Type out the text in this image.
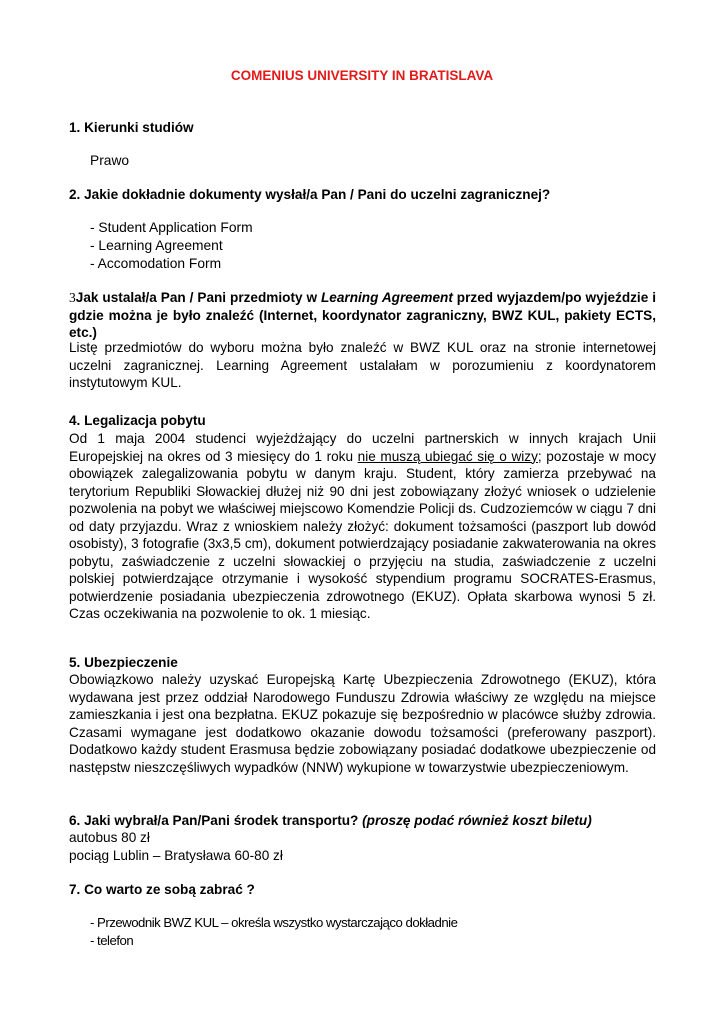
COMENIUS UNIVERSITY IN BRATISLAVA
1. Kierunki studiów
Prawo
2. Jakie dokładnie dokumenty wysłał/a Pan / Pani do uczelni zagranicznej?
- Student Application Form
- Learning Agreement
- Accomodation Form
3Jak ustalał/a Pan / Pani przedmioty w Learning Agreement przed wyjazdem/po wyjeździe i gdzie można je było znaleźć (Internet, koordynator zagraniczny, BWZ KUL, pakiety ECTS, etc.)
Listę przedmiotów do wyboru można było znaleźć w BWZ KUL oraz na stronie internetowej uczelni zagranicznej. Learning Agreement ustalałam w porozumieniu z koordynatorem instytutowym KUL.
4. Legalizacja pobytu
Od 1 maja 2004 studenci wyjeżdżający do uczelni partnerskich w innych krajach Unii Europejskiej na okres od 3 miesięcy do 1 roku nie muszą ubiegać się o wizy; pozostaje w mocy obowiązek zalegalizowania pobytu w danym kraju. Student, który zamierza przebywać na terytorium Republiki Słowackiej dłużej niż 90 dni jest zobowiązany złożyć wniosek o udzielenie pozwolenia na pobyt we właściwej miejscowo Komendzie Policji ds. Cudzoziemców w ciągu 7 dni od daty przyjazdu. Wraz z wnioskiem należy złożyć: dokument tożsamości (paszport lub dowód osobisty), 3 fotografie (3x3,5 cm), dokument potwierdzający posiadanie zakwaterowania na okres pobytu, zaświadczenie z uczelni słowackiej o przyjęciu na studia, zaświadczenie z uczelni polskiej potwierdzające otrzymanie i wysokość stypendium programu SOCRATES-Erasmus, potwierdzenie posiadania ubezpieczenia zdrowotnego (EKUZ). Opłata skarbowa wynosi 5 zł. Czas oczekiwania na pozwolenie to ok. 1 miesiąc.
5. Ubezpieczenie
Obowiązkowo należy uzyskać Europejską Kartę Ubezpieczenia Zdrowotnego (EKUZ), która wydawana jest przez oddział Narodowego Funduszu Zdrowia właściwy ze względu na miejsce zamieszkania i jest ona bezpłatna. EKUZ pokazuje się bezpośrednio w placówce służby zdrowia. Czasami wymagane jest dodatkowo okazanie dowodu tożsamości (preferowany paszport). Dodatkowo każdy student Erasmusa będzie zobowiązany posiadać dodatkowe ubezpieczenie od następstw nieszczęśliwych wypadków (NNW) wykupione w towarzystwie ubezpieczeniowym.
6. Jaki wybrał/a Pan/Pani środek transportu? (proszę podać również koszt biletu)
autobus 80 zł
pociąg Lublin – Bratysława 60-80 zł
7. Co warto ze sobą zabrać ?
- Przewodnik BWZ KUL – określa wszystko wystarczająco dokładnie
- telefon
